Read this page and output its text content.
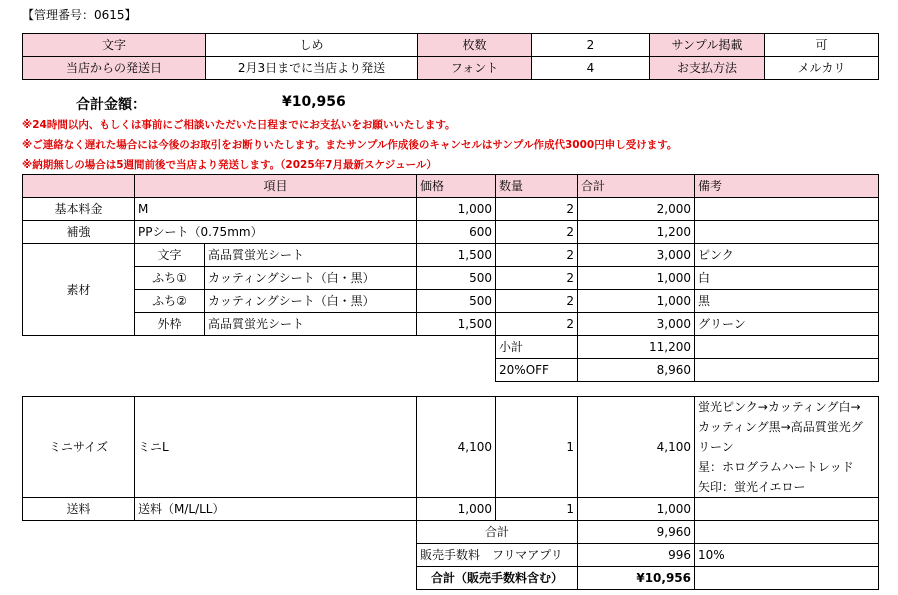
【管理番号：0615】
文字	しめ	枚数	2	サンプル掲載	可
当店からの発送日	2月3日までに当店より発送	フォント	4	お支払方法	メルカリ
合計金額：	¥10,956
※24時間以内、もしくは事前にご相談いただいた日程までにお支払いをお願いいたします。
※ご連絡なく遅れた場合には今後のお取引をお断りいたします。またサンプル作成後のキャンセルはサンプル作成代3000円申し受けます。
※納期無しの場合は5週間前後で当店より発送します。（2025年7月最新スケジュール）
	項目		価格	数量	合計	備考
基本料金	M		1,000	2	2,000	
補強	PPシート（0.75mm）		600	2	1,200	
素材	文字	高品質蛍光シート	1,500	2	3,000	ピンク
	ふち①	カッティングシート（白・黒）	500	2	1,000	白
	ふち②	カッティングシート（白・黒）	500	2	1,000	黒
	外枠	高品質蛍光シート	1,500	2	3,000	グリーン
				小計	11,200	
				20%OFF	8,960	
ミニサイズ	ミニL	4,100	1	4,100	蛍光ピンク→カッティング白→
カッティング黒→高品質蛍光グ
リーン
星：ホログラムハートレッド
矢印：蛍光イエロー

送料	送料（M/L/LL）	1,000	1	1,000	
		合計		9,960	
		販売手数料　フリマアプリ		996	10%
		合計（販売手数料含む）		¥10,956	
